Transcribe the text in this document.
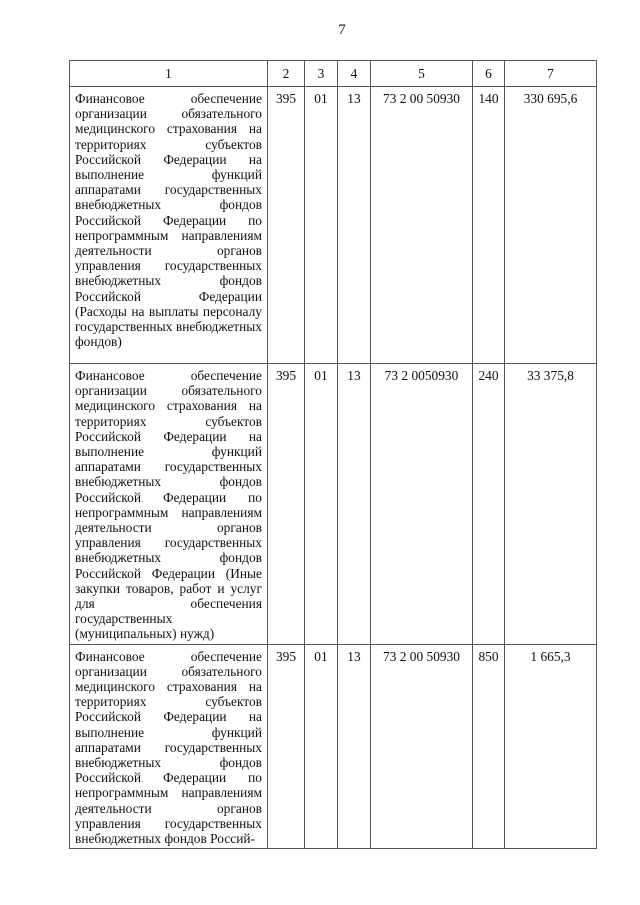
7
1	2	3	4	5	6	7
Финансовое обеспечение организации обязательного медицинского страхования на территориях субъектов Российской Федерации на выполнение функций аппаратами государственных внебюджетных фондов Российской Федерации по непрограммным направлениям деятельности органов управления государственных внебюджетных фондов Российской Федерации (Расходы на выплаты персоналу государственных внебюджетных фондов)	395	01	13	73 2 00 50930	140	330 695,6
Финансовое обеспечение организации обязательного медицинского страхования на территориях субъектов Российской Федерации на выполнение функций аппаратами государственных внебюджетных фондов Российской Федерации по непрограммным направлениям деятельности органов управления государственных внебюджетных фондов Российской Федерации (Иные закупки товаров, работ и услуг для обеспечения государственных (муниципальных) нужд)	395	01	13	73 2 0050930	240	33 375,8
Финансовое обеспечение организации обязательного медицинского страхования на территориях субъектов Российской Федерации на выполнение функций аппаратами государственных внебюджетных фондов Российской Федерации по непрограммным направлениям деятельности органов управления государственных внебюджетных фондов Россий-	395	01	13	73 2 00 50930	850	1 665,3
